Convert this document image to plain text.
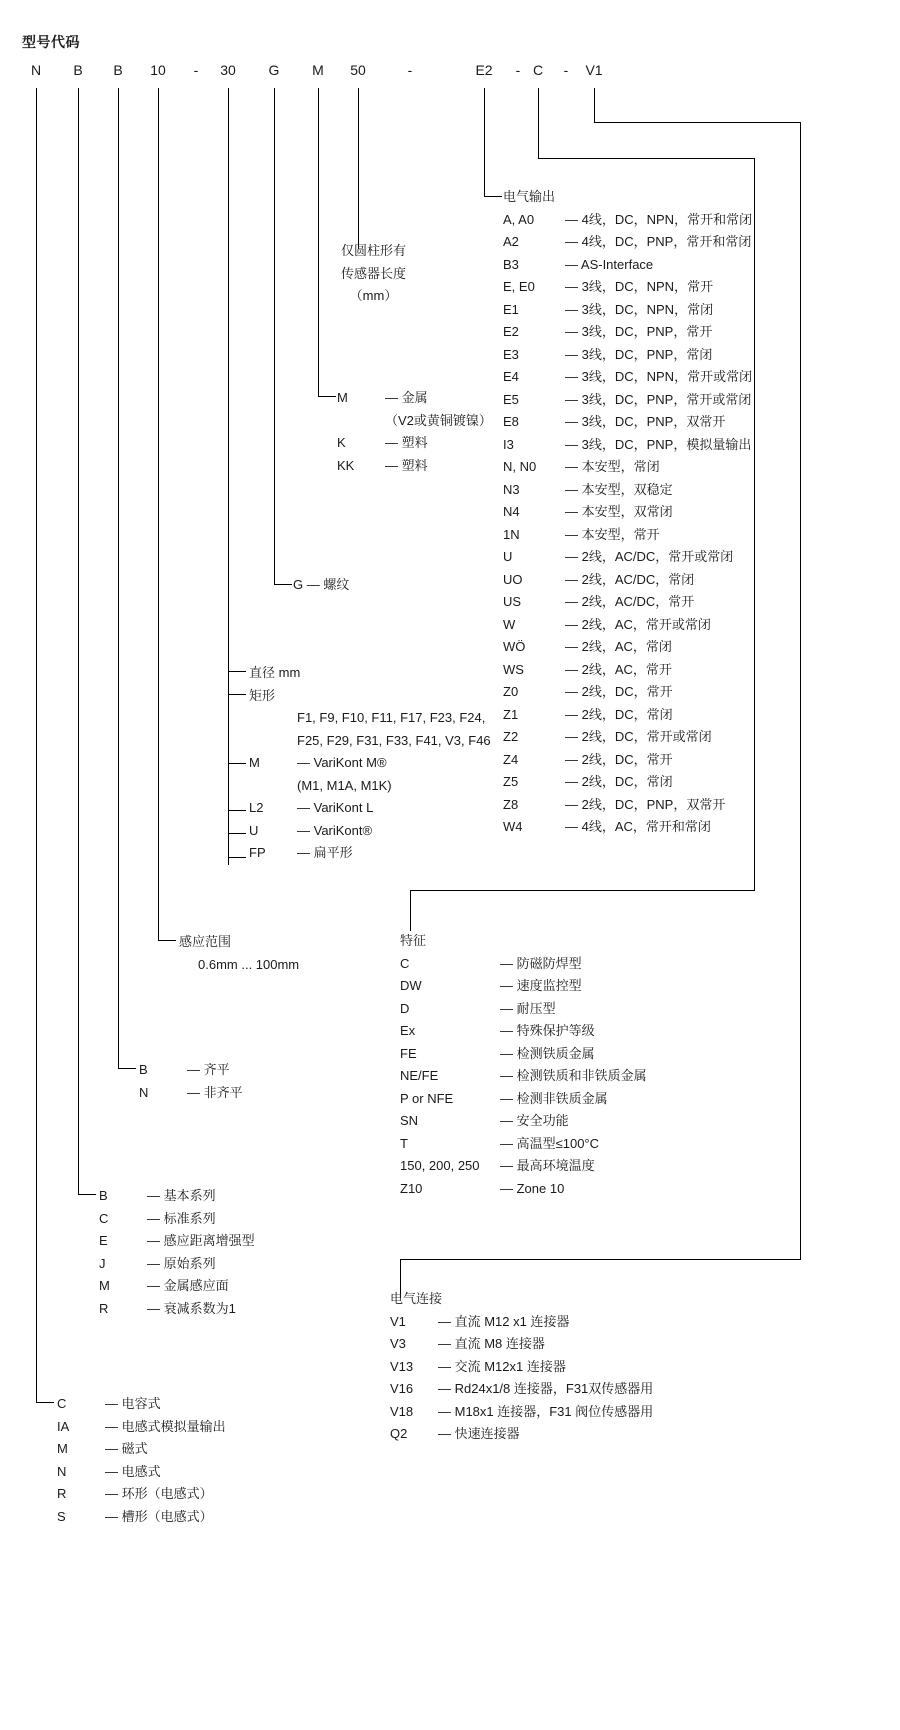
型号代码
N B B 10 - 30 G M 50	-	E2 - C - V1
电气输出
A, A0	— 4线，DC，NPN，常开和常闭
A2	— 4线，DC，PNP，常开和常闭
B3	— AS-Interface
E, E0	— 3线，DC，NPN，常开
E1	— 3线，DC，NPN，常闭
E2	— 3线，DC，PNP，常开
E3	— 3线，DC，PNP，常闭
E4	— 3线，DC，NPN，常开或常闭
E5	— 3线，DC，PNP，常开或常闭
E8	— 3线，DC，PNP，双常开
I3	— 3线，DC，PNP，模拟量输出
N, N0	— 本安型，常闭
N3	— 本安型，双稳定
N4	— 本安型，双常闭
1N	— 本安型，常开
U	— 2线，AC/DC，常开或常闭
UO	— 2线，AC/DC，常闭
US	— 2线，AC/DC，常开
W	— 2线，AC，常开或常闭
WÖ	— 2线，AC，常闭
WS	— 2线，AC，常开
Z0	— 2线，DC，常开
Z1	— 2线，DC，常闭
Z2	— 2线，DC，常开或常闭
Z4	— 2线，DC，常开
Z5	— 2线，DC，常闭
Z8	— 2线，DC，PNP，双常开
W4	— 4线，AC，常开和常闭
仅圆柱形有
传感器长度
（mm）
M	— 金属
（V2或黄铜镀镍）
K	— 塑料
KK	— 塑料
G — 螺纹
直径 mm
矩形
F1, F9, F10, F11, F17, F23, F24,
F25, F29, F31, F33, F41, V3, F46
M	— VariKont M®
(M1, M1A, M1K)
L2	— VariKont L
U	— VariKont®
FP	— 扁平形
感应范围
0.6mm ... 100mm
B	— 齐平
N	— 非齐平
B	— 基本系列
C	— 标准系列
E	— 感应距离增强型
J	— 原始系列
M	— 金属感应面
R	— 衰减系数为1
C	— 电容式
IA	— 电感式模拟量输出
M	— 磁式
N	— 电感式
R	— 环形（电感式）
S	— 槽形（电感式）
特征
C	— 防磁防焊型
DW	— 速度监控型
D	— 耐压型
Ex	— 特殊保护等级
FE	— 检测铁质金属
NE/FE	— 检测铁质和非铁质金属
P or NFE	— 检测非铁质金属
SN	— 安全功能
T	— 高温型≤100°C
150, 200, 250	— 最高环境温度
Z10	— Zone 10
电气连接
V1	— 直流 M12 x1 连接器
V3	— 直流 M8 连接器
V13	— 交流 M12x1 连接器
V16	— Rd24x1/8 连接器，F31双传感器用
V18	— M18x1 连接器，F31 阀位传感器用
Q2	— 快速连接器
